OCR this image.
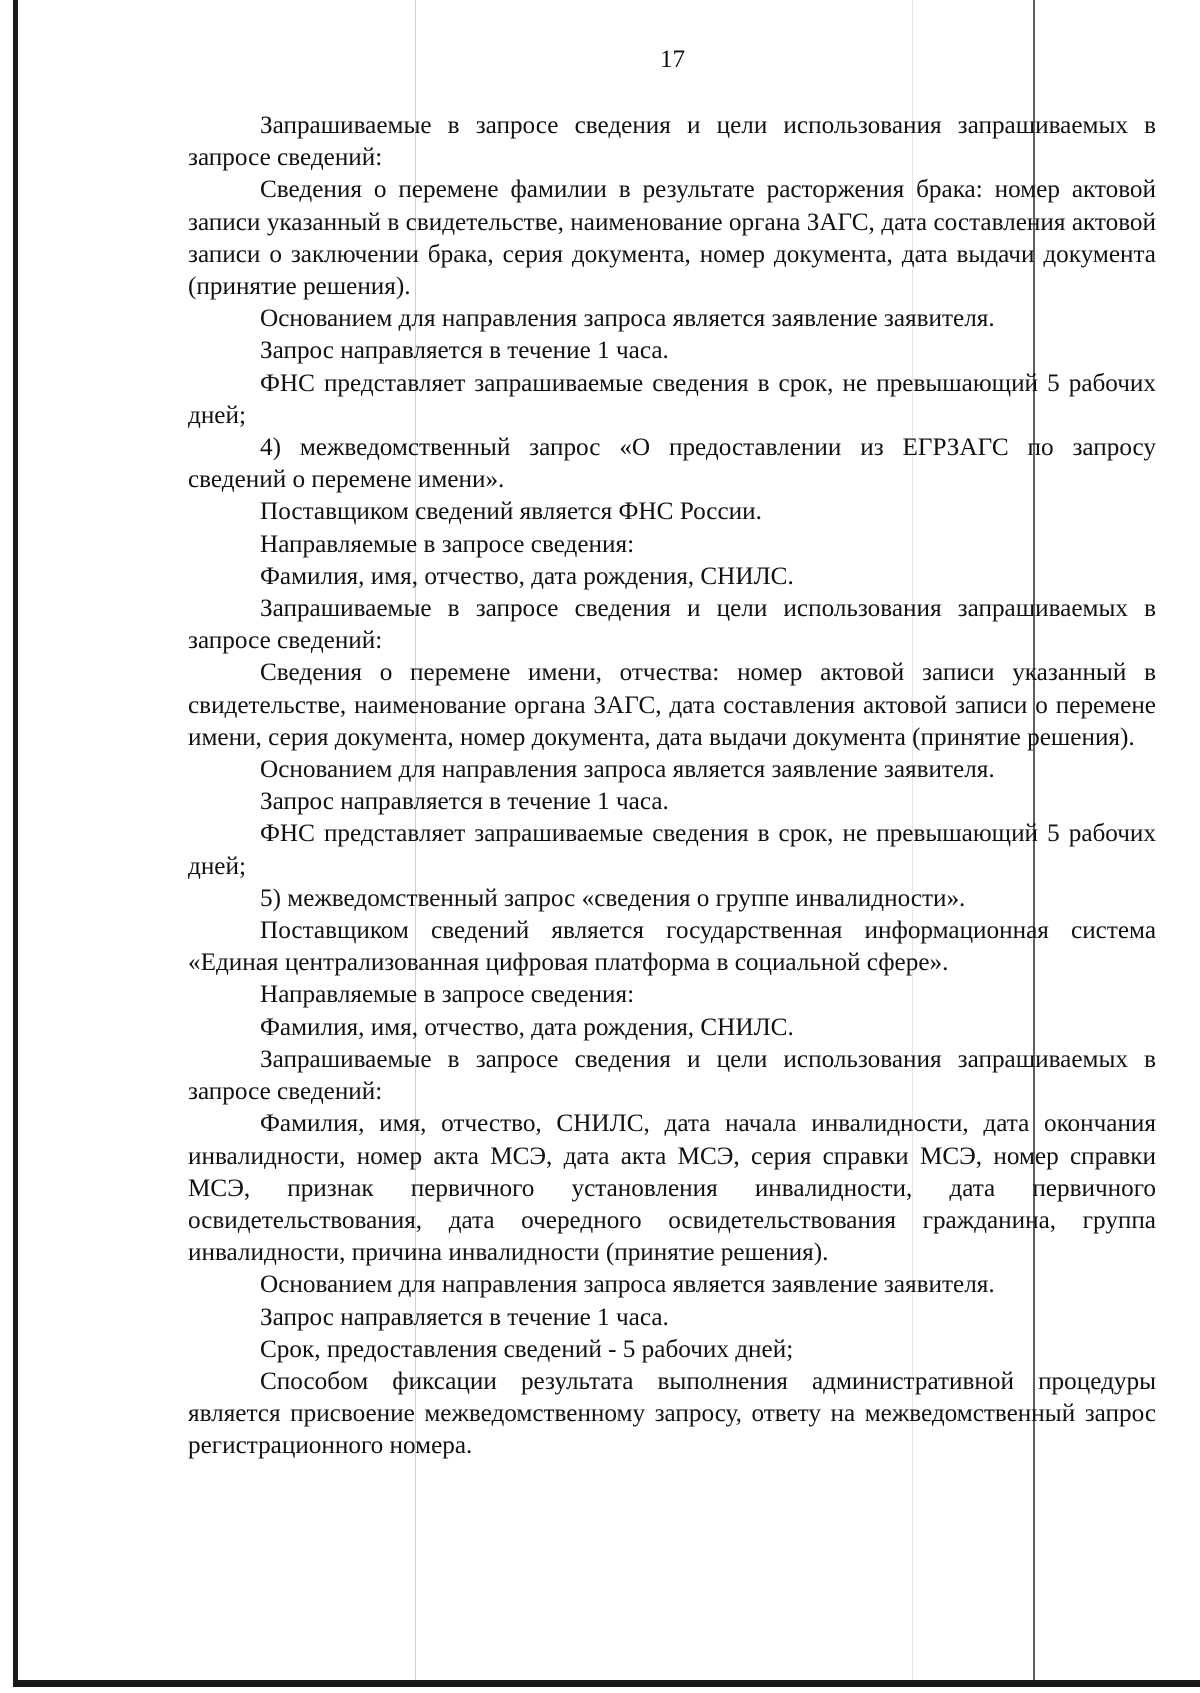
17

Запрашиваемые в запросе сведения и цели использования запрашиваемых в запросе сведений:

Сведения о перемене фамилии в результате расторжения брака: номер актовой записи указанный в свидетельстве, наименование органа ЗАГС, дата составления актовой записи о заключении брака, серия документа, номер документа, дата выдачи документа (принятие решения).

Основанием для направления запроса является заявление заявителя.

Запрос направляется в течение 1 часа.

ФНС представляет запрашиваемые сведения в срок, не превышающий 5 рабочих дней;

4) межведомственный запрос «О предоставлении из ЕГРЗАГС по запросу сведений о перемене имени».

Поставщиком сведений является ФНС России.

Направляемые в запросе сведения:

Фамилия, имя, отчество, дата рождения, СНИЛС.

Запрашиваемые в запросе сведения и цели использования запрашиваемых в запросе сведений:

Сведения о перемене имени, отчества: номер актовой записи указанный в свидетельстве, наименование органа ЗАГС, дата составления актовой записи о перемене имени, серия документа, номер документа, дата выдачи документа (принятие решения).

Основанием для направления запроса является заявление заявителя.

Запрос направляется в течение 1 часа.

ФНС представляет запрашиваемые сведения в срок, не превышающий 5 рабочих дней;

5) межведомственный запрос «сведения о группе инвалидности».

Поставщиком сведений является государственная информационная система «Единая централизованная цифровая платформа в социальной сфере».

Направляемые в запросе сведения:

Фамилия, имя, отчество, дата рождения, СНИЛС.

Запрашиваемые в запросе сведения и цели использования запрашиваемых в запросе сведений:

Фамилия, имя, отчество, СНИЛС, дата начала инвалидности, дата окончания инвалидности, номер акта МСЭ, дата акта МСЭ, серия справки МСЭ, номер справки МСЭ, признак первичного установления инвалидности, дата первичного освидетельствования, дата очередного освидетельствования гражданина, группа инвалидности, причина инвалидности (принятие решения).

Основанием для направления запроса является заявление заявителя.

Запрос направляется в течение 1 часа.

Срок, предоставления сведений - 5 рабочих дней;

Способом фиксации результата выполнения административной процедуры является присвоение межведомственному запросу, ответу на межведомственный запрос регистрационного номера.
